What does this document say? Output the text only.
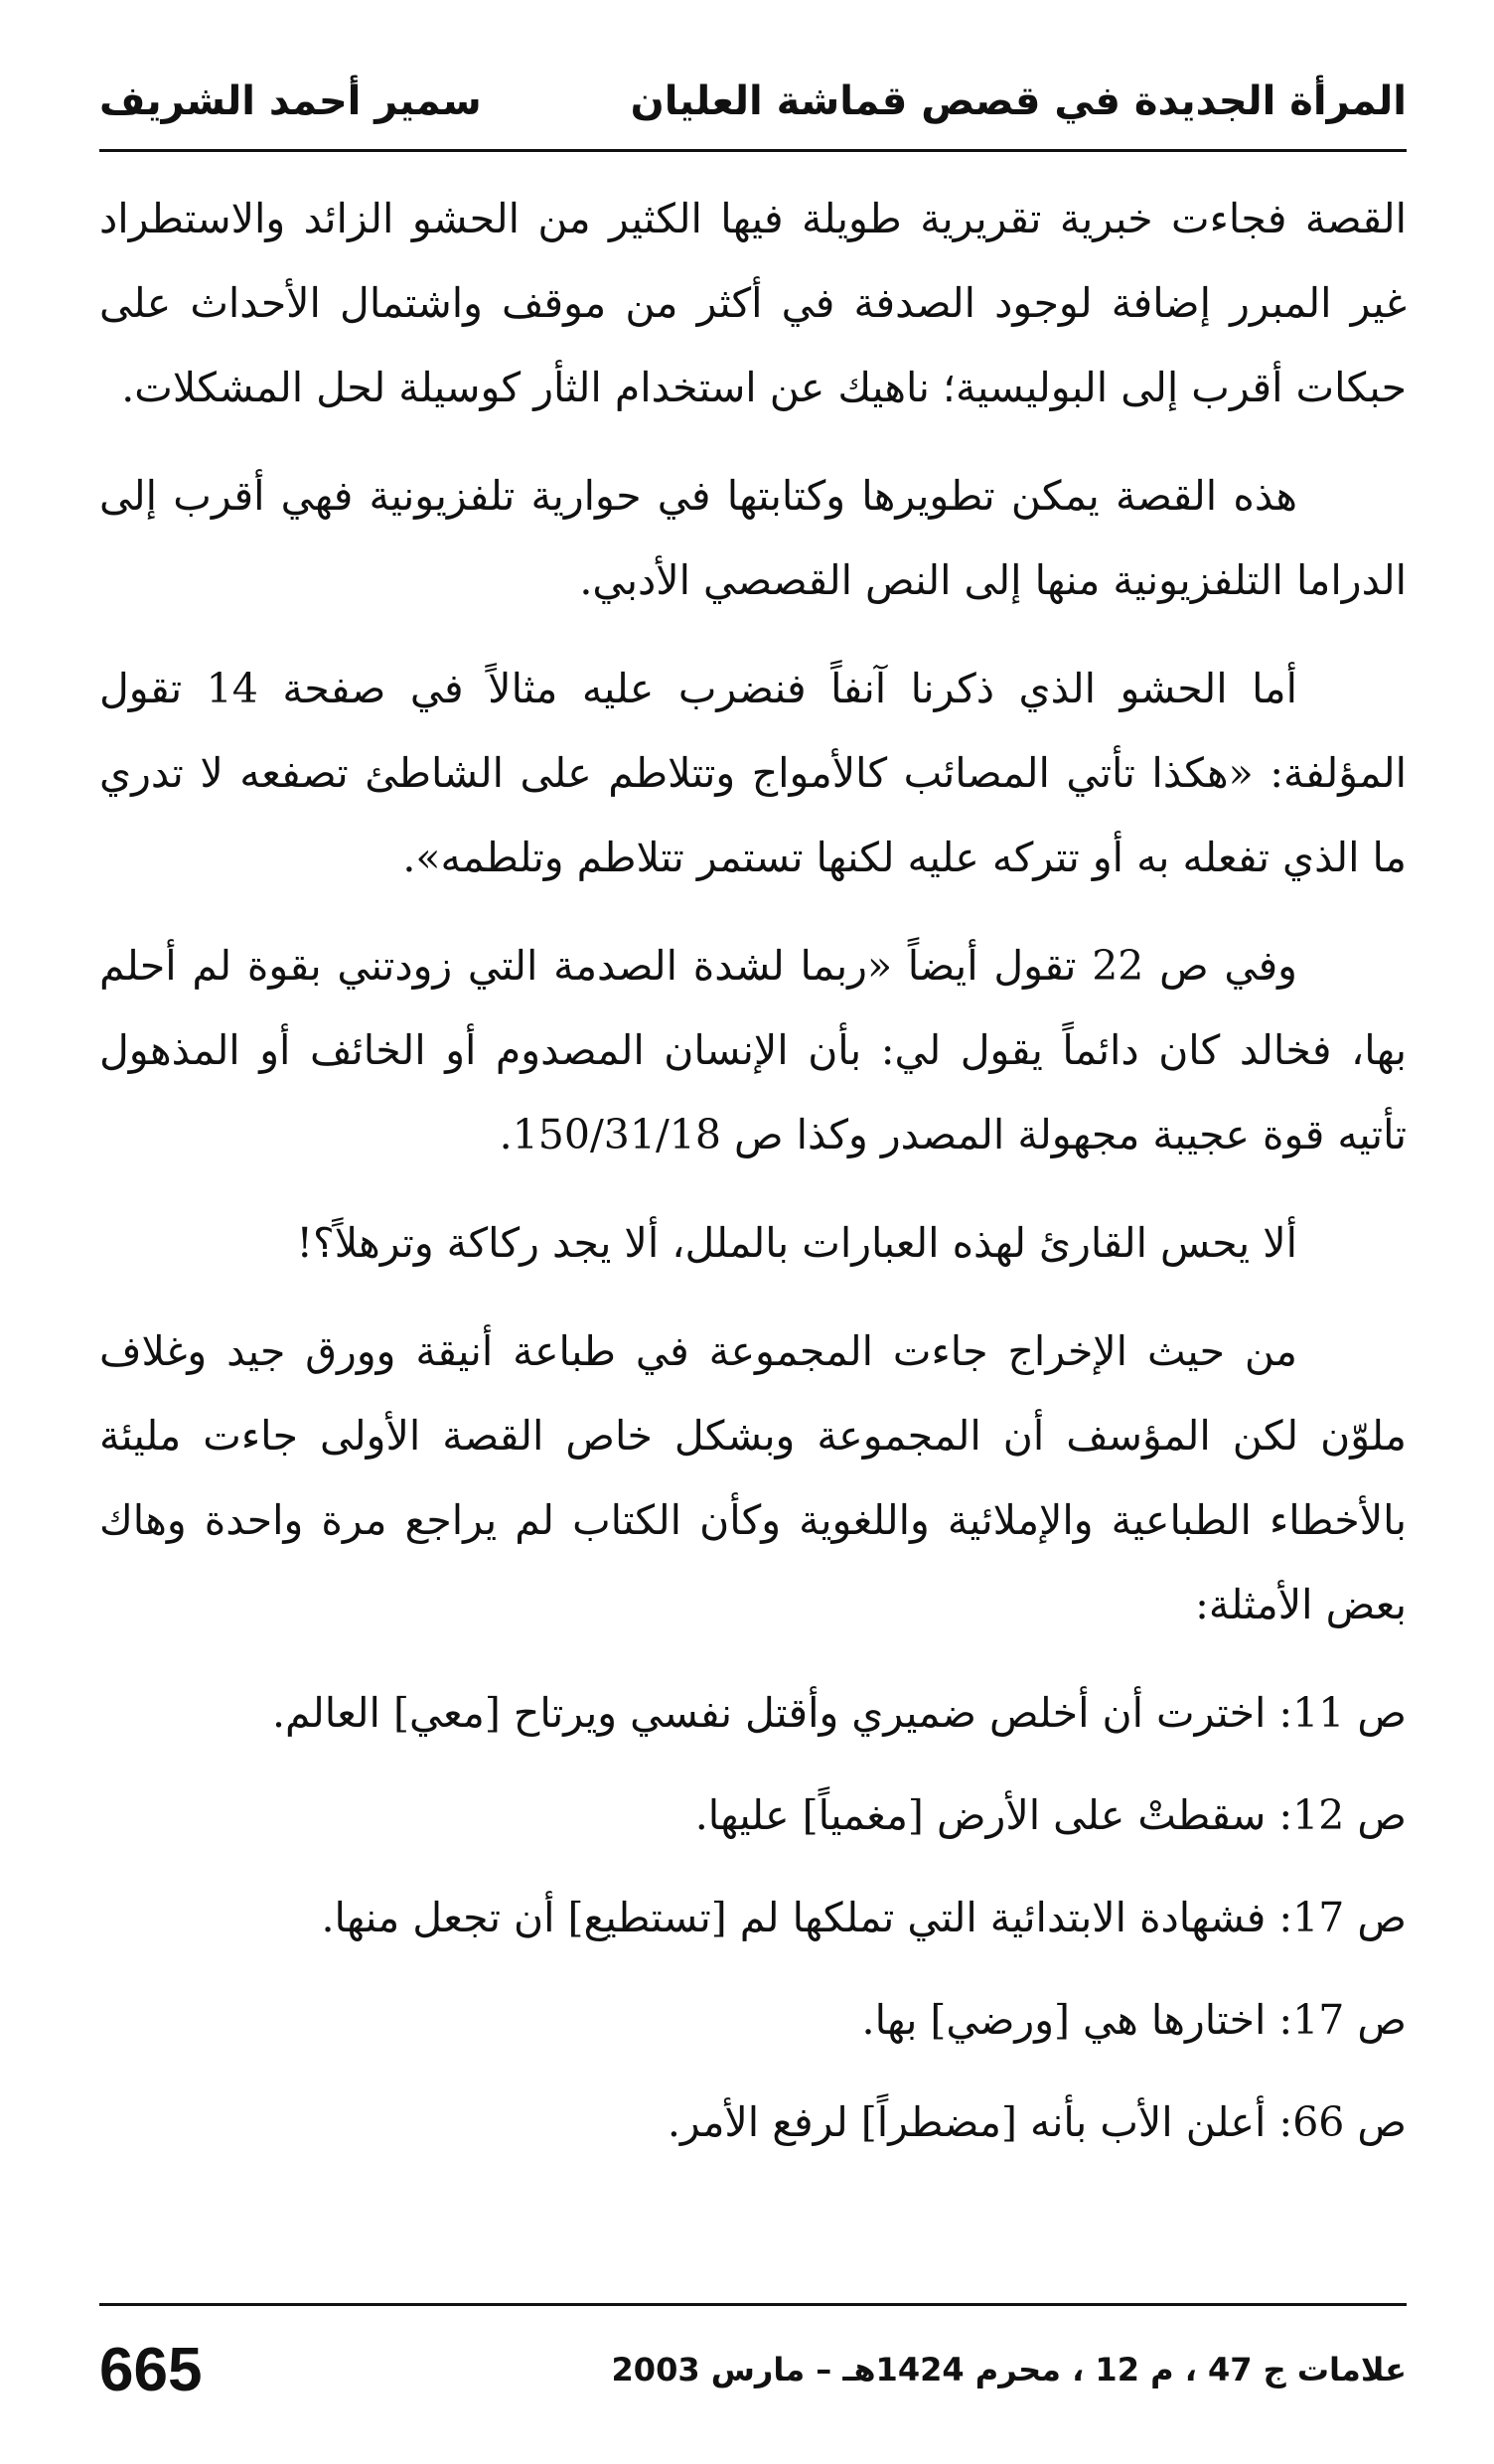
المرأة الجديدة في قصص قماشة العليان
سمير أحمد الشريف

القصة فجاءت خبرية تقريرية طويلة فيها الكثير من الحشو الزائد والاستطراد غير المبرر إضافة لوجود الصدفة في أكثر من موقف واشتمال الأحداث على حبكات أقرب إلى البوليسية؛ ناهيك عن استخدام الثأر كوسيلة لحل المشكلات.

هذه القصة يمكن تطويرها وكتابتها في حوارية تلفزيونية فهي أقرب إلى الدراما التلفزيونية منها إلى النص القصصي الأدبي.

أما الحشو الذي ذكرنا آنفاً فنضرب عليه مثالاً في صفحة 14 تقول المؤلفة: «هكذا تأتي المصائب كالأمواج وتتلاطم على الشاطئ تصفعه لا تدري ما الذي تفعله به أو تتركه عليه لكنها تستمر تتلاطم وتلطمه».

وفي ص 22 تقول أيضاً «ربما لشدة الصدمة التي زودتني بقوة لم أحلم بها، فخالد كان دائماً يقول لي: بأن الإنسان المصدوم أو الخائف أو المذهول تأتيه قوة عجيبة مجهولة المصدر وكذا ص 150/31/18.

ألا يحس القارئ لهذه العبارات بالملل، ألا يجد ركاكة وترهلاً؟!

من حيث الإخراج جاءت المجموعة في طباعة أنيقة وورق جيد وغلاف ملوّن لكن المؤسف أن المجموعة وبشكل خاص القصة الأولى جاءت مليئة بالأخطاء الطباعية والإملائية واللغوية وكأن الكتاب لم يراجع مرة واحدة وهاك بعض الأمثلة:

ص 11: اخترت أن أخلص ضميري وأقتل نفسي ويرتاح [معي] العالم.

ص 12: سقطتْ على الأرض [مغمياً] عليها.

ص 17: فشهادة الابتدائية التي تملكها لم [تستطيع] أن تجعل منها.

ص 17: اختارها هي [ورضي] بها.

ص 66: أعلن الأب بأنه [مضطراً] لرفع الأمر.

علامات ج 47 ، م 12 ، محرم 1424هـ – مارس 2003
665
